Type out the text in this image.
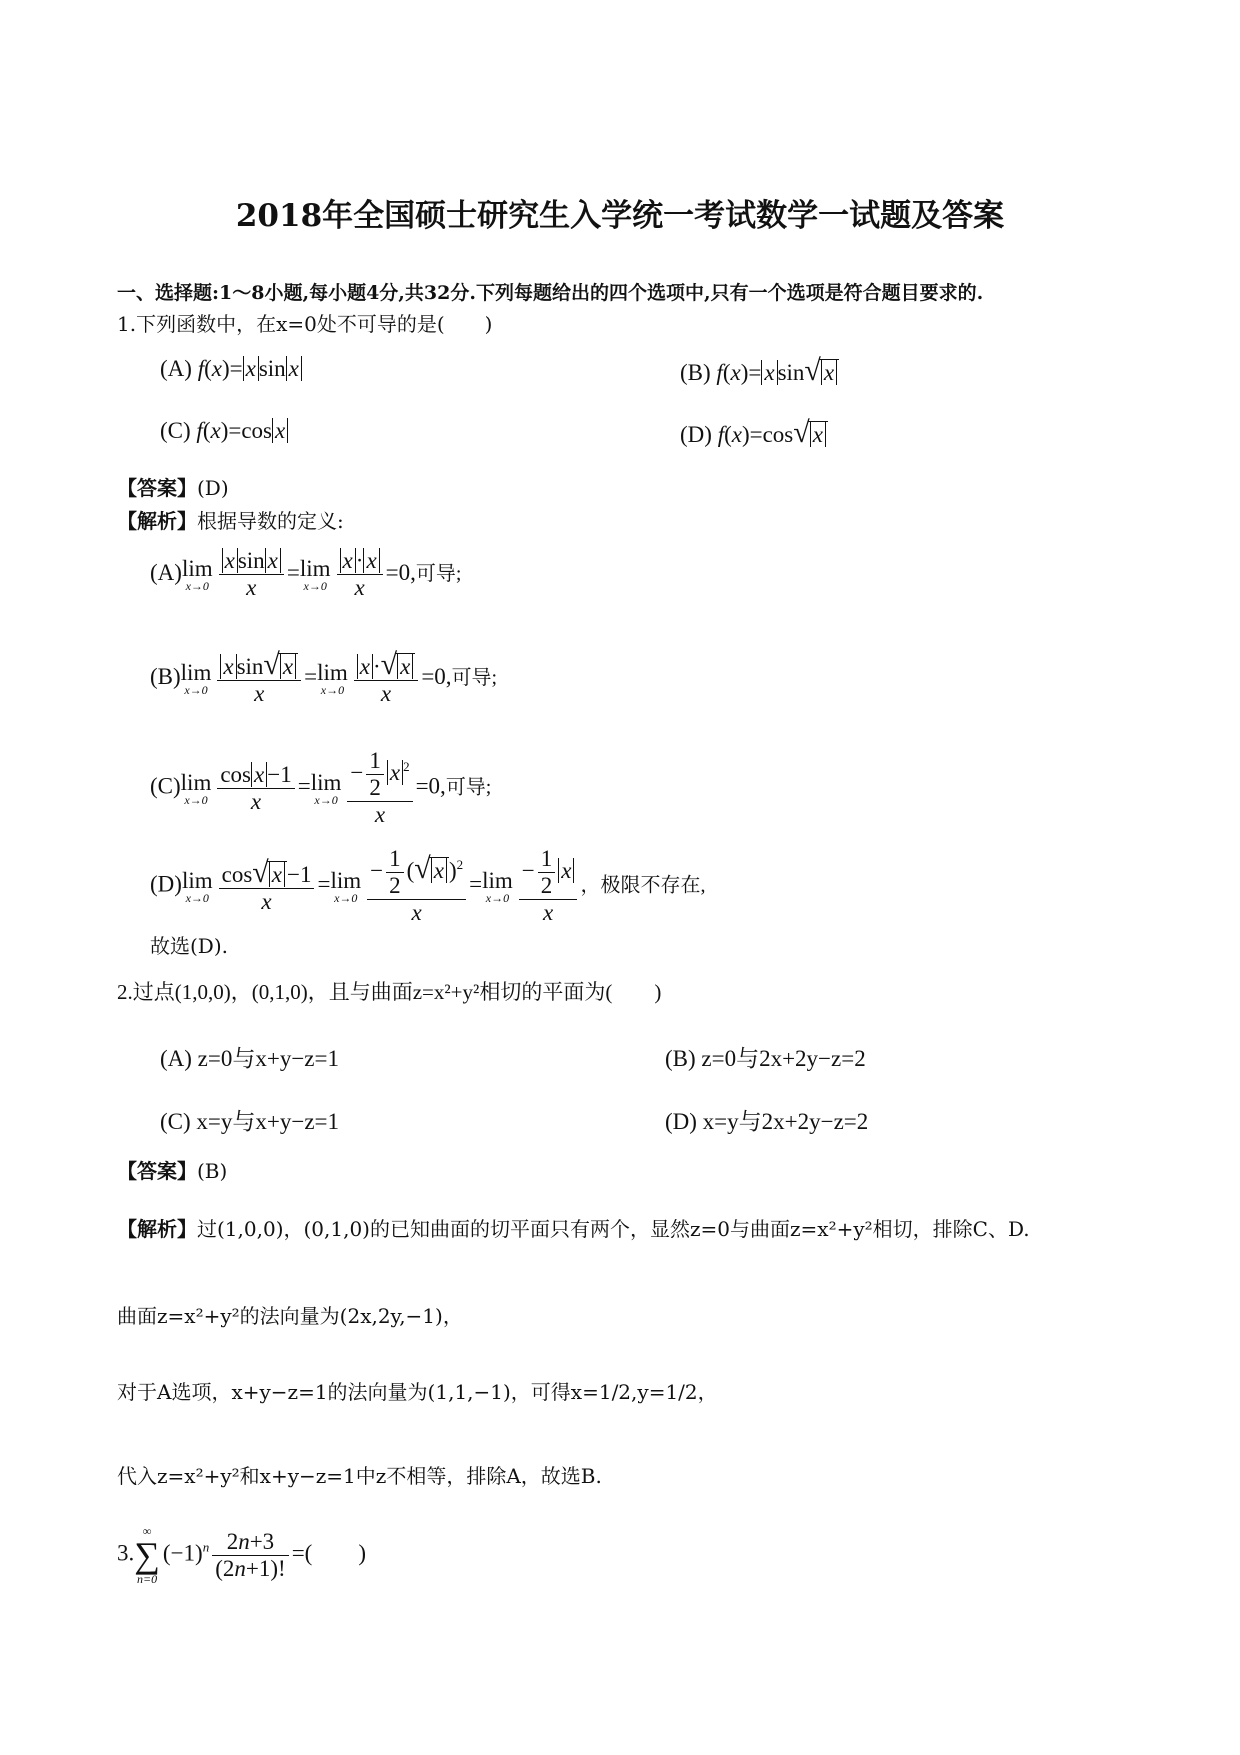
2018年全国硕士研究生入学统一考试数学一试题及答案
一、选择题:1～8小题,每小题4分,共32分.下列每题给出的四个选项中,只有一个选项是符合题目要求的.
1.下列函数中，在x=0处不可导的是(　　)
(A) f(x)= x sin x	(B) f(x)= x sin√ x
(C) f(x)=cos x	(D) f(x)=cos√ x
【答案】(D)
【解析】根据导数的定义:
(A)lim
$x\to 0 \frac{\text{x sin x}}{x} =\lim$
$x\to 0 \frac{x \cdot x}{x} =0$,可导;
(B)lim
$x\to 0 \frac{\text{x sin√ x}}{x} =\lim$
$x\to 0 \frac{x \cdot√ x}{x} =0$,可导;
(C)lim
$x\to 0 \frac{\text{cos x −1}}{x} =\lim$
$x\to 0 \frac{- \frac{1}{2} x ^2}{x} =0$,可导;
(D)lim
$x\to 0 \frac{\cos√ x -1}{x} =\lim$
$x\to 0 \frac{- \frac{1}{2} (√ x )^2}{x} =\lim$
$x\to 0 \frac{- \frac{1}{2} x}{x}$ ，极限不存在,
故选(D).
2.过点(1,0,0)，(0,1,0)，且与曲面z=x²+y²相切的平面为(　　)
(A) z=0与x+y−z=1	(B) z=0与2x+2y−z=2
(C) x=y与x+y−z=1	(D) x=y与2x+2y−z=2
【答案】(B)
【解析】过(1,0,0)，(0,1,0)的已知曲面的切平面只有两个，显然z=0与曲面z=x²+y²相切，排除C、D.
曲面z=x²+y²的法向量为(2x,2y,−1)，
对于A选项，x+y−z=1的法向量为(1,1,−1)，可得x=1/2,y=1/2，
代入z=x²+y²和x+y−z=1中z不相等，排除A，故选B.
3.
∞
∑
n=0
$(-1)^n \frac{2n+3}{(2n+1)!}$ =(　　)
